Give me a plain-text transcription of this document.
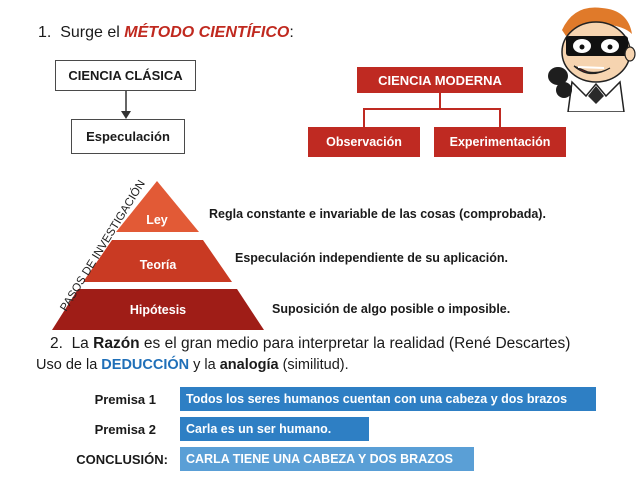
1. Surge el MÉTODO CIENTÍFICO:
CIENCIA CLÁSICA
Especulación
CIENCIA MODERNA
Observación	Experimentación
Ley
Teoría
Hipótesis
PASOS DE INVESTIGACIÓN
Regla constante e invariable de las cosas (comprobada).
Especulación independiente de su aplicación.
Suposición de algo posible o imposible.
2. La Razón es el gran medio para interpretar la realidad (René Descartes)
Uso de la DEDUCCIÓN y la analogía (similitud).
Premisa 1 Todos los seres humanos cuentan con una cabeza y dos brazos
Premisa 2 Carla es un ser humano.
CONCLUSIÓN: CARLA TIENE UNA CABEZA Y DOS BRAZOS
